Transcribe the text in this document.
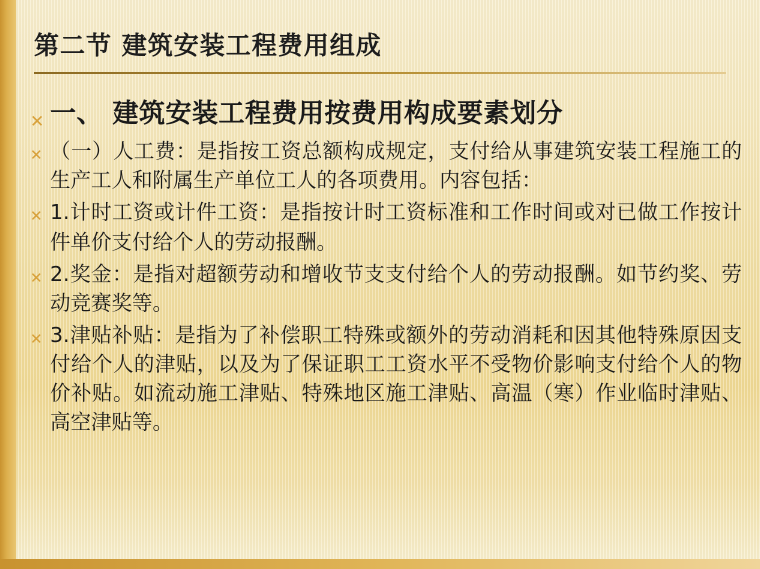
第二节 建筑安装工程费用组成
✕ 一、 建筑安装工程费用按费用构成要素划分
✕ （一）人工费：是指按工资总额构成规定，支付给从事建筑安装工程施工的生产工人和附属生产单位工人的各项费用。内容包括：
✕ 1.计时工资或计件工资：是指按计时工资标准和工作时间或对已做工作按计件单价支付给个人的劳动报酬。
✕ 2.奖金：是指对超额劳动和增收节支支付给个人的劳动报酬。如节约奖、劳动竞赛奖等。
✕ 3.津贴补贴：是指为了补偿职工特殊或额外的劳动消耗和因其他特殊原因支付给个人的津贴，以及为了保证职工工资水平不受物价影响支付给个人的物价补贴。如流动施工津贴、特殊地区施工津贴、高温（寒）作业临时津贴、高空津贴等。
